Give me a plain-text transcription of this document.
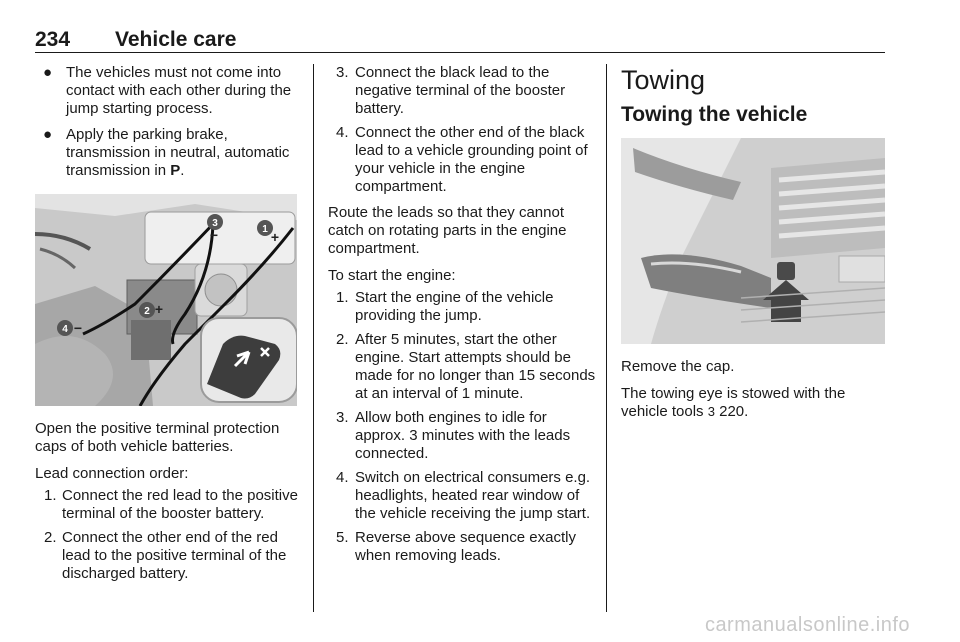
234 Vehicle care
● The vehicles must not come into contact with each other during the jump starting process.
● Apply the parking brake, transmission in neutral, automatic transmission in P.
3
−	1 +
2 +
4 −

Open the positive terminal protection caps of both vehicle batteries.

Lead connection order:

1. Connect the red lead to the positive terminal of the booster battery.
2. Connect the other end of the red lead to the positive terminal of the discharged battery.
3. Connect the black lead to the negative terminal of the booster battery.
4. Connect the other end of the black lead to a vehicle grounding point of your vehicle in the engine compartment.

Route the leads so that they cannot catch on rotating parts in the engine compartment.

To start the engine:

1. Start the engine of the vehicle providing the jump.
2. After 5 minutes, start the other engine. Start attempts should be made for no longer than 15 seconds at an interval of 1 minute.
3. Allow both engines to idle for approx. 3 minutes with the leads connected.
4. Switch on electrical consumers e.g. headlights, heated rear window of the vehicle receiving the jump start.
5. Reverse above sequence exactly when removing leads.
Towing
Towing the vehicle

Remove the cap.

The towing eye is stowed with the vehicle tools 3 220.

carmanualsonline.info
